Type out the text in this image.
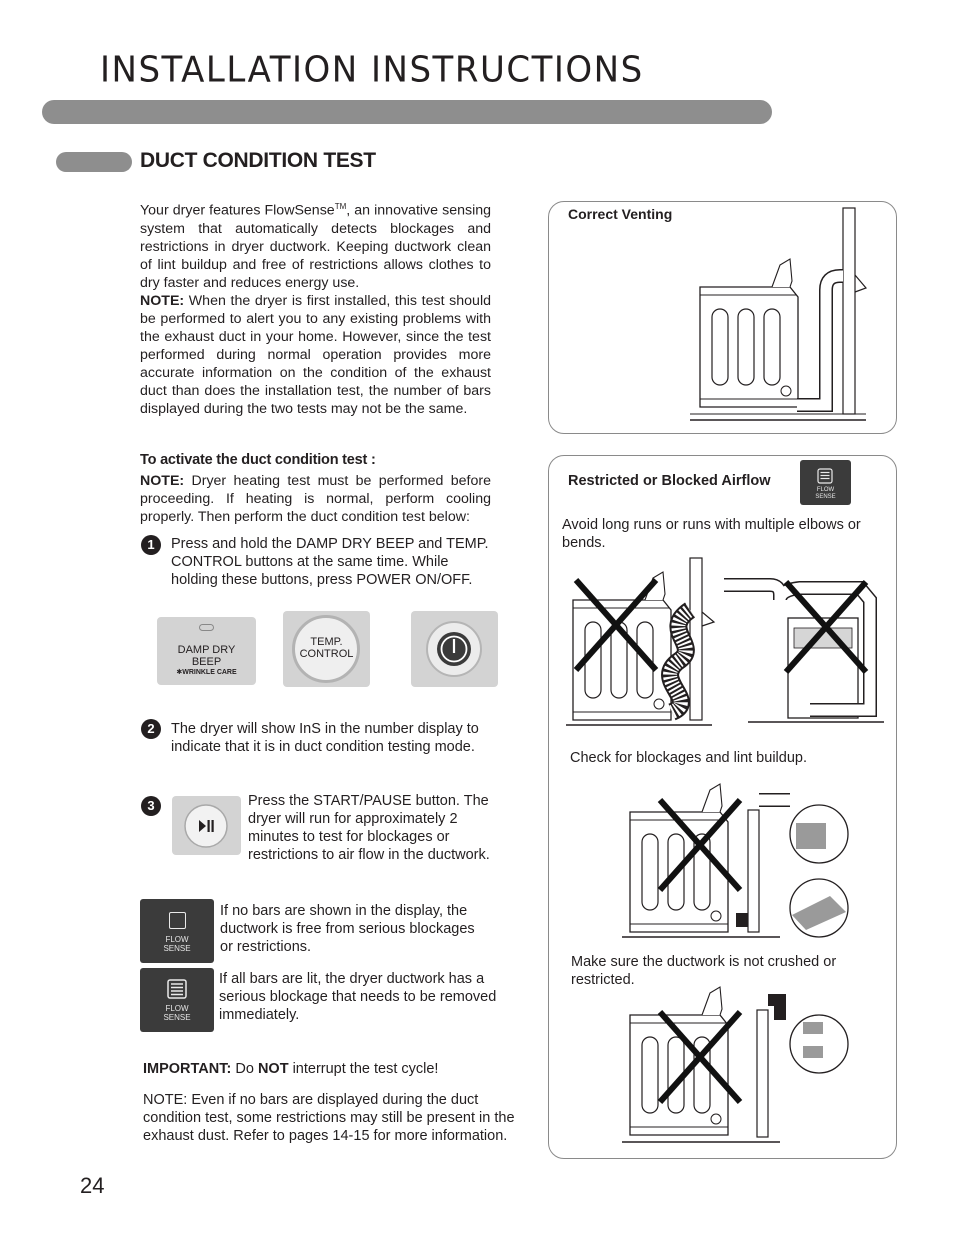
INSTALLATION INSTRUCTIONS
DUCT CONDITION TEST
Your dryer features FlowSense™, an innovative sensing system that automatically detects blockages and restrictions in dryer ductwork. Keeping ductwork clean of lint buildup and free of restrictions allows clothes to dry faster and reduces energy use.
NOTE: When the dryer is first installed, this test should be performed to alert you to any existing problems with the exhaust duct in your home. However, since the test performed during normal operation provides more accurate information on the condition of the exhaust duct than does the installation test, the number of bars displayed during the two tests may not be the same.
To activate the duct condition test :
NOTE: Dryer heating test must be performed before proceeding. If heating is normal, perform cooling properly. Then perform the duct condition test below:
1	Press and hold the DAMP DRY BEEP and TEMP. CONTROL buttons at the same time. While holding these buttons, press POWER ON/OFF.
DAMP DRY
BEEP
✱WRINKLE CARE
TEMP.
CONTROL
2	The dryer will show InS in the number display to indicate that it is in duct condition testing mode.
3	Press the START/PAUSE button. The dryer will run for approximately 2 minutes to test for blockages or restrictions to air flow in the ductwork.
FLOW
SENSE
If no bars are shown in the display, the ductwork is free from serious blockages or restrictions.
FLOW
SENSE
If all bars are lit, the dryer ductwork has a serious blockage that needs to be removed immediately.
IMPORTANT: Do NOT interrupt the test cycle!
NOTE: Even if no bars are displayed during the duct condition test, some restrictions may still be present in the exhaust dust. Refer to pages 14-15 for more information.
Correct Venting
Restricted or Blocked Airflow
FLOW
SENSE
Avoid long runs or runs with multiple elbows or bends.
Check for blockages and lint buildup.
Make sure the ductwork is not crushed or restricted.
24
